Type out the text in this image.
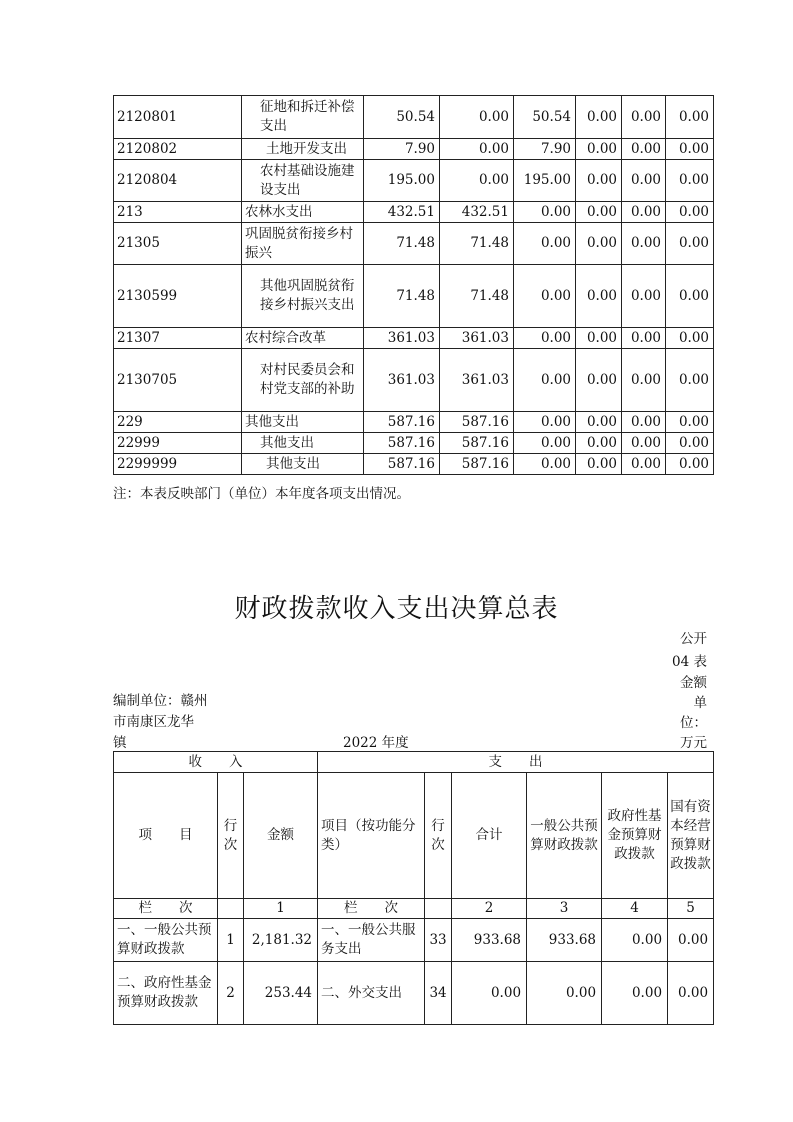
2120801	征地和拆迁补偿支出	50.54	0.00	50.54	0.00	0.00	0.00
2120802	土地开发支出	7.90	0.00	7.90	0.00	0.00	0.00
2120804	农村基础设施建设支出	195.00	0.00	195.00	0.00	0.00	0.00
213	农林水支出	432.51	432.51	0.00	0.00	0.00	0.00
21305	巩固脱贫衔接乡村振兴	71.48	71.48	0.00	0.00	0.00	0.00
2130599	其他巩固脱贫衔接乡村振兴支出	71.48	71.48	0.00	0.00	0.00	0.00
21307	农村综合改革	361.03	361.03	0.00	0.00	0.00	0.00
2130705	对村民委员会和村党支部的补助	361.03	361.03	0.00	0.00	0.00	0.00
229	其他支出	587.16	587.16	0.00	0.00	0.00	0.00
22999	其他支出	587.16	587.16	0.00	0.00	0.00	0.00
2299999	其他支出	587.16	587.16	0.00	0.00	0.00	0.00
注：本表反映部门（单位）本年度各项支出情况。
财政拨款收入支出决算总表
公开
04 表
金额
单
位：
万元
编制单位：赣州
市南康区龙华
镇	2022 年度
收　　入			支　　出					
项　　目	行次	金额	项目（按功能分类）	行次	合计	一般公共预算财政拨款	政府性基金预算财政拨款	国有资本经营预算财政拨款
栏　　次		1	栏　　次		2	3	4	5
一、一般公共预算财政拨款	1	2,181.32	一、一般公共服务支出	33	933.68	933.68	0.00	0.00
二、政府性基金预算财政拨款	2	253.44	二、外交支出	34	0.00	0.00	0.00	0.00
